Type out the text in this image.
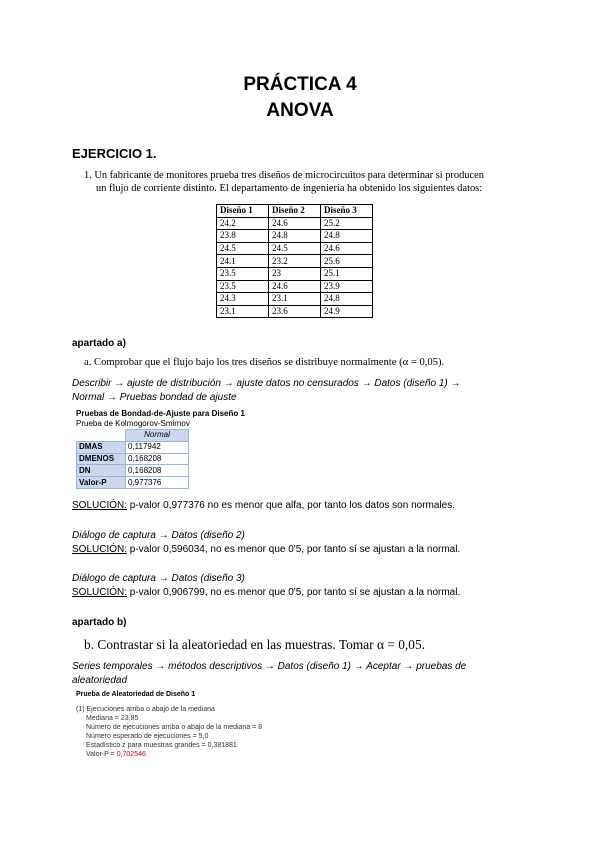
PRÁCTICA 4
ANOVA
EJERCICIO 1.
1. Un fabricante de monitores prueba tres diseños de microcircuitos para determinar si producen
un flujo de corriente distinto. El departamento de ingeniería ha obtenido los siguientes datos:
Diseño 1	Diseño 2	Diseño 3
24.2	24.6	25.2
23.8	24.8	24.8
24.5	24.5	24.6
24.1	23.2	25.6
23.5	23	25.1
23.5	24.6	23.9
24.3	23.1	24.8
23.1	23.6	24.9
apartado a)
a. Comprobar que el flujo bajo los tres diseños se distribuye normalmente (α = 0,05).
Describir → ajuste de distribución → ajuste datos no censurados → Datos (diseño 1) →
Normal → Pruebas bondad de ajuste
Pruebas de Bondad-de-Ajuste para Diseño 1
Prueba de Kolmogorov-Smirnov
	Normal
DMAS	0,117942
DMENOS	0,168208
DN	0,168208
Valor-P	0,977376
SOLUCIÓN: p-valor 0,977376 no es menor que alfa, por tanto los datos son normales.
Diálogo de captura → Datos (diseño 2)
SOLUCIÓN: p-valor 0,596034, no es menor que 0'5, por tanto sí se ajustan a la normal.
Diálogo de captura → Datos (diseño 3)
SOLUCIÓN: p-valor 0,906799, no es menor que 0'5, por tanto sí se ajustan a la normal.
apartado b)
b. Contrastar si la aleatoriedad en las muestras. Tomar α = 0,05.
Series temporales → métodos descriptivos → Datos (diseño 1) → Aceptar → pruebas de
aleatoriedad
Prueba de Aleatoriedad de Diseño 1
(1) Ejecuciones arriba o abajo de la mediana
Mediana = 23,85
Número de ejecuciones arriba o abajo de la mediana = 8
Número esperado de ejecuciones = 5,0
Estadístico z para muestras grandes = 0,381881
Valor-P = 0,702546
